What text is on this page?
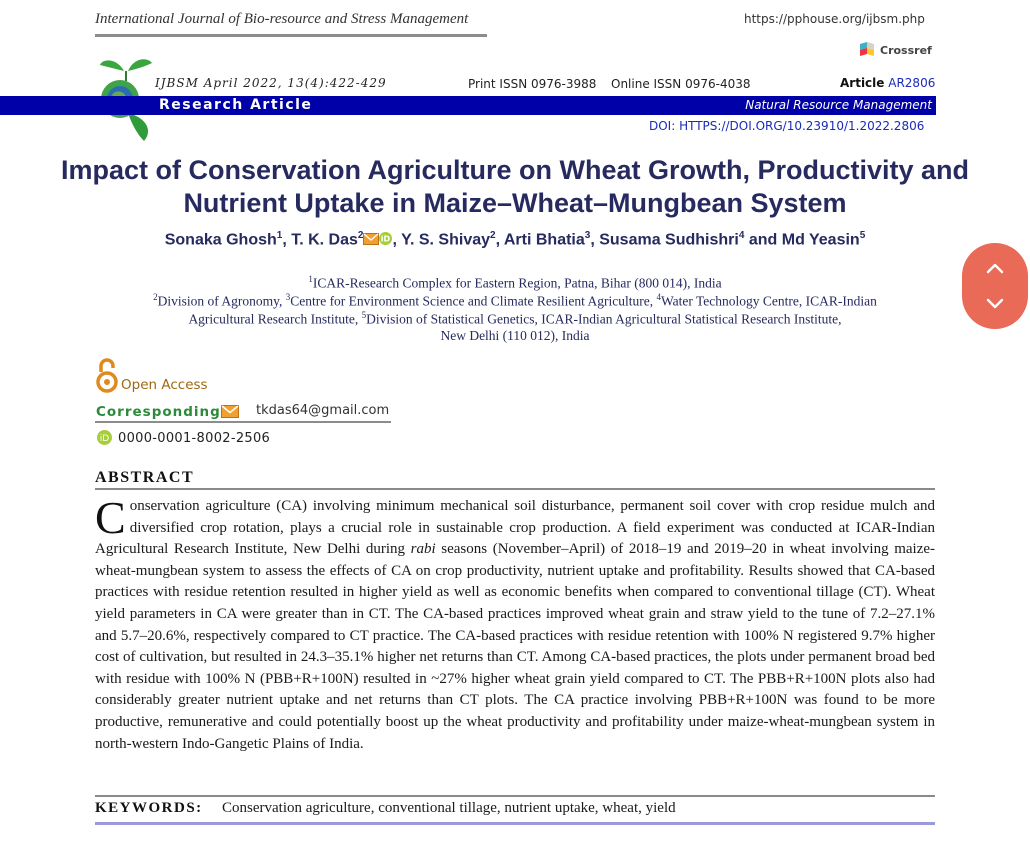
International Journal of Bio-resource and Stress Management	https://pphouse.org/ijbsm.php
Crossref
IJBSM April 2022, 13(4):422-429	Print ISSN 0976-3988 Online ISSN 0976-4038	Article AR2806
Research Article	Natural Resource Management
DOI: HTTPS://DOI.ORG/10.23910/1.2022.2806
Impact of Conservation Agriculture on Wheat Growth, Productivity and
Nutrient Uptake in Maize–Wheat–Mungbean System
Sonaka Ghosh$^1$, T. K. Das$^2$ iD , Y. S. Shivay$^2$, Arti Bhatia$^3$, Susama Sudhishri$^4$ and Md Yeasin$^5$
$^1$ICAR-Research Complex for Eastern Region, Patna, Bihar (800 014), India
$^2$Division of Agronomy, $^3$Centre for Environment Science and Climate Resilient Agriculture, $^4$Water Technology Centre, ICAR-Indian
Agricultural Research Institute, $^5$Division of Statistical Genetics, ICAR-Indian Agricultural Statistical Research Institute,
New Delhi (110 012), India
Open Access
Corresponding	tkdas64@gmail.com
iD 0000-0001-8002-2506
ABSTRACT
Conservation agriculture (CA) involving minimum mechanical soil disturbance, permanent soil cover with crop residue mulch and diversified crop rotation, plays a crucial role in sustainable crop production. A field experiment was conducted at ICAR-Indian Agricultural Research Institute, New Delhi during rabi seasons (November–April) of 2018–19 and 2019–20 in wheat involving maize-wheat-mungbean system to assess the effects of CA on crop productivity, nutrient uptake and profitability. Results showed that CA-based practices with residue retention resulted in higher yield as well as economic benefits when compared to conventional tillage (CT). Wheat yield parameters in CA were greater than in CT. The CA-based practices improved wheat grain and straw yield to the tune of 7.2–27.1% and 5.7–20.6%, respectively compared to CT practice. The CA-based practices with residue retention with 100% N registered 9.7% higher cost of cultivation, but resulted in 24.3–35.1% higher net returns than CT. Among CA-based practices, the plots under permanent broad bed with residue with 100% N (PBB+R+100N) resulted in ~27% higher wheat grain yield compared to CT. The PBB+R+100N plots also had considerably greater nutrient uptake and net returns than CT plots. The CA practice involving PBB+R+100N was found to be more productive, remunerative and could potentially boost up the wheat productivity and profitability under maize-wheat-mungbean system in north-western Indo-Gangetic Plains of India.
KEYWORDS: Conservation agriculture, conventional tillage, nutrient uptake, wheat, yield
